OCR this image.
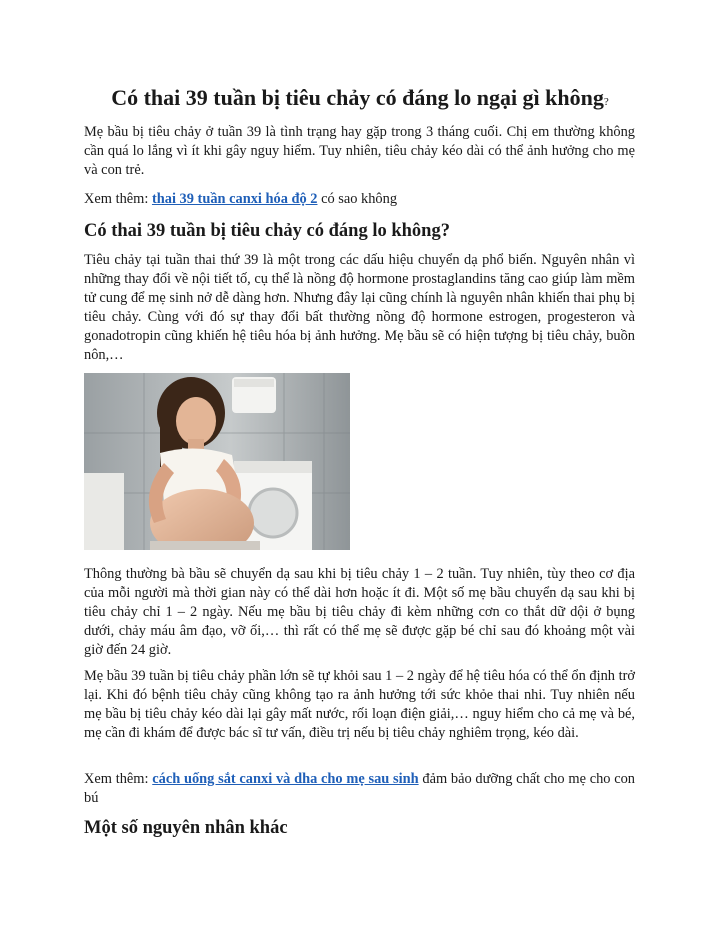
Có thai 39 tuần bị tiêu chảy có đáng lo ngại gì không?

Mẹ bầu bị tiêu chảy ở tuần 39 là tình trạng hay gặp trong 3 tháng cuối. Chị em thường không cần quá lo lắng vì ít khi gây nguy hiểm. Tuy nhiên, tiêu chảy kéo dài có thể ảnh hưởng cho mẹ và con trẻ.

Xem thêm: thai 39 tuần canxi hóa độ 2 có sao không

Có thai 39 tuần bị tiêu chảy có đáng lo không?

Tiêu chảy tại tuần thai thứ 39 là một trong các dấu hiệu chuyển dạ phổ biến. Nguyên nhân vì những thay đổi về nội tiết tố, cụ thể là nồng độ hormone prostaglandins tăng cao giúp làm mềm tử cung để mẹ sinh nở dễ dàng hơn. Nhưng đây lại cũng chính là nguyên nhân khiến thai phụ bị tiêu chảy. Cùng với đó sự thay đổi bất thường nồng độ hormone estrogen, progesteron và gonadotropin cũng khiến hệ tiêu hóa bị ảnh hưởng. Mẹ bầu sẽ có hiện tượng bị tiêu chảy, buồn nôn,…

Thông thường bà bầu sẽ chuyển dạ sau khi bị tiêu chảy 1 – 2 tuần. Tuy nhiên, tùy theo cơ địa của mỗi người mà thời gian này có thể dài hơn hoặc ít đi. Một số mẹ bầu chuyển dạ sau khi bị tiêu chảy chỉ 1 – 2 ngày. Nếu mẹ bầu bị tiêu chảy đi kèm những cơn co thắt dữ dội ở bụng dưới, chảy máu âm đạo, vỡ ối,… thì rất có thể mẹ sẽ được gặp bé chỉ sau đó khoảng một vài giờ đến 24 giờ.

Mẹ bầu 39 tuần bị tiêu chảy phần lớn sẽ tự khỏi sau 1 – 2 ngày để hệ tiêu hóa có thể ổn định trở lại. Khi đó bệnh tiêu chảy cũng không tạo ra ảnh hưởng tới sức khỏe thai nhi. Tuy nhiên nếu mẹ bầu bị tiêu chảy kéo dài lại gây mất nước, rối loạn điện giải,… nguy hiểm cho cả mẹ và bé, mẹ cần đi khám để được bác sĩ tư vấn, điều trị nếu bị tiêu chảy nghiêm trọng, kéo dài.

Xem thêm: cách uống sắt canxi và dha cho mẹ sau sinh đảm bảo dưỡng chất cho mẹ cho con bú

Một số nguyên nhân khác
